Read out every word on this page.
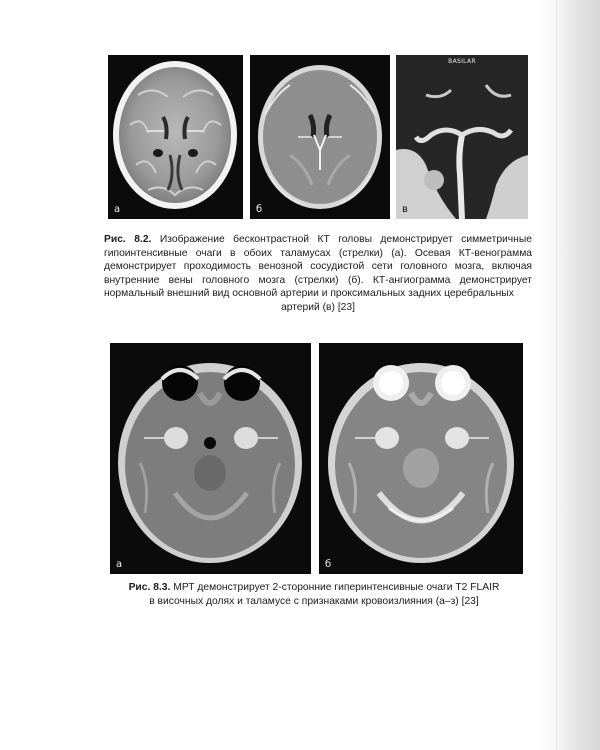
а	б
BASILAR
в
Рис. 8.2. Изображение бесконтрастной КТ головы демонстрирует симметричные гипоинтенсивные очаги в обоих таламусах (стрелки) (а). Осевая КТ-венограмма демонстрирует проходимость венозной сосудистой сети головного мозга, включая внутренние вены головного мозга (стрелки) (б). КТ-ангиограмма демонстрирует нормальный внешний вид основной артерии и проксимальных задних церебральных
артерий (в) [23]
а	б
Рис. 8.3. МРТ демонстрирует 2-сторонние гиперинтенсивные очаги T2 FLAIR
в височных долях и таламусе с признаками кровоизлияния (а–з) [23]
